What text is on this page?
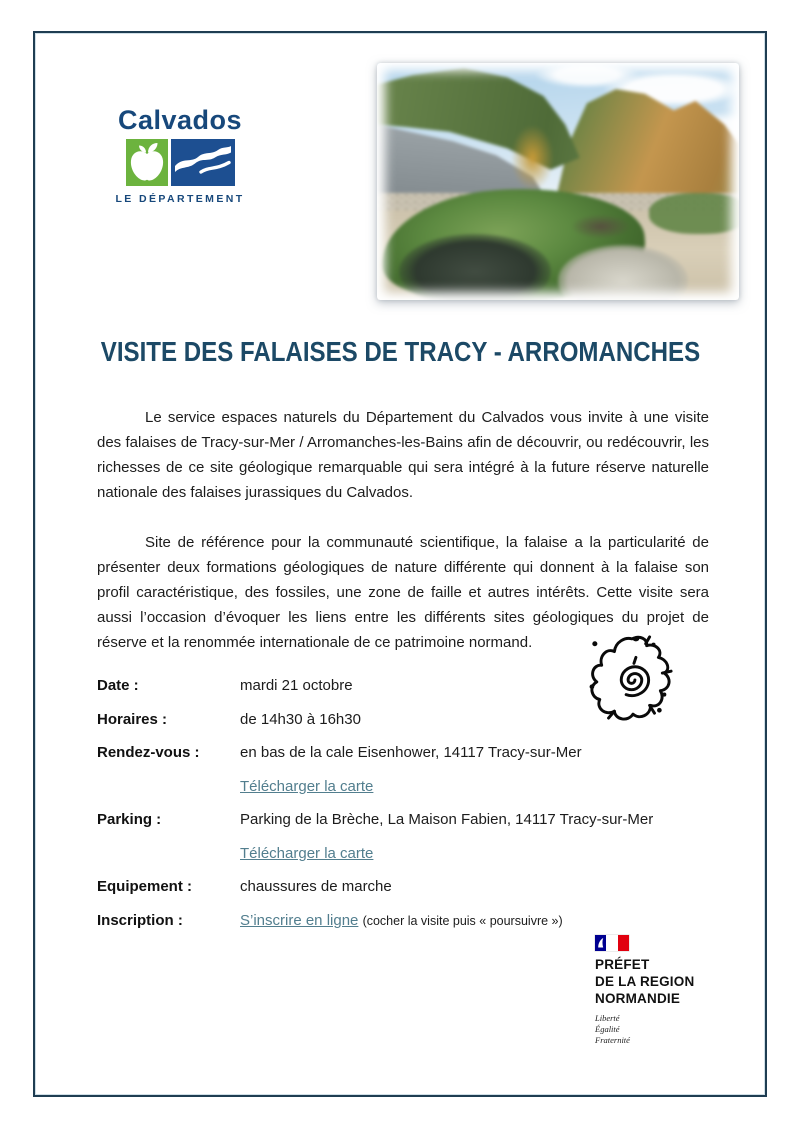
Calvados
LE DÉPARTEMENT
VISITE DES FALAISES DE TRACY - ARROMANCHES

Le service espaces naturels du Département du Calvados vous invite à une visite des falaises de Tracy-sur-Mer / Arromanches-les-Bains afin de découvrir, ou redécouvrir, les richesses de ce site géologique remarquable qui sera intégré à la future réserve naturelle nationale des falaises jurassiques du Calvados.

Site de référence pour la communauté scientifique, la falaise a la particularité de présenter deux formations géologiques de nature différente qui donnent à la falaise son profil caractéristique, des fossiles, une zone de faille et autres intérêts. Cette visite sera aussi l’occasion d’évoquer les liens entre les différents sites géologiques du projet de réserve et la renommée internationale de ce patrimoine normand.

Date :	mardi 21 octobre
Horaires :	de 14h30 à 16h30
Rendez-vous :	en bas de la cale Eisenhower, 14117 Tracy-sur-Mer
Télécharger la carte
Parking :	Parking de la Brèche, La Maison Fabien, 14117 Tracy-sur-Mer
Télécharger la carte
Equipement :	chaussures de marche
Inscription :	S’inscrire en ligne (cocher la visite puis « poursuivre »)
PRÉFET
DE LA REGION
NORMANDIE
Liberté
Égalité
Fraternité
